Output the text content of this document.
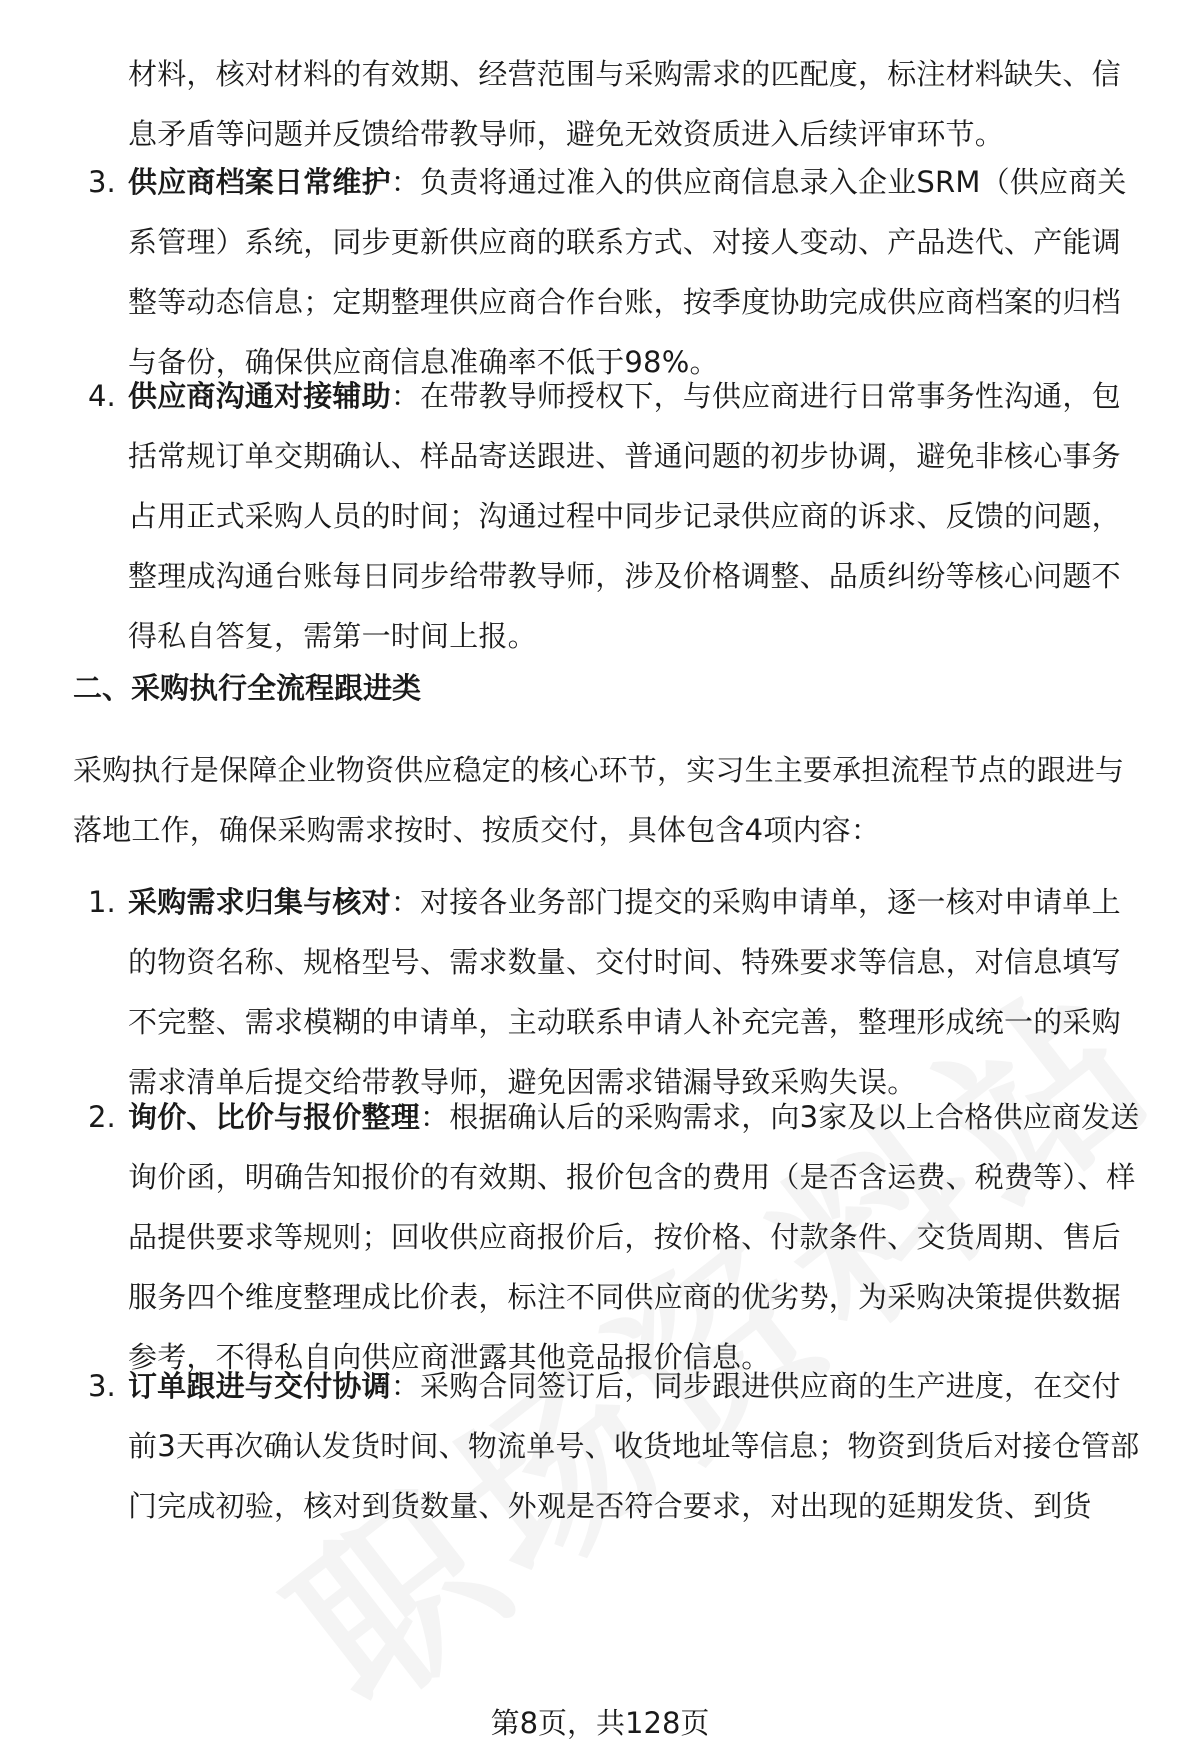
材料，核对材料的有效期、经营范围与采购需求的匹配度，标注材料缺失、信息矛盾等问题并反馈给带教导师，避免无效资质进入后续评审环节。
3. 供应商档案日常维护：负责将通过准入的供应商信息录入企业SRM（供应商关系管理）系统，同步更新供应商的联系方式、对接人变动、产品迭代、产能调整等动态信息；定期整理供应商合作台账，按季度协助完成供应商档案的归档与备份，确保供应商信息准确率不低于98%。
4. 供应商沟通对接辅助：在带教导师授权下，与供应商进行日常事务性沟通，包括常规订单交期确认、样品寄送跟进、普通问题的初步协调，避免非核心事务占用正式采购人员的时间；沟通过程中同步记录供应商的诉求、反馈的问题，整理成沟通台账每日同步给带教导师，涉及价格调整、品质纠纷等核心问题不得私自答复，需第一时间上报。
二、采购执行全流程跟进类
采购执行是保障企业物资供应稳定的核心环节，实习生主要承担流程节点的跟进与落地工作，确保采购需求按时、按质交付，具体包含4项内容：
1. 采购需求归集与核对：对接各业务部门提交的采购申请单，逐一核对申请单上的物资名称、规格型号、需求数量、交付时间、特殊要求等信息，对信息填写不完整、需求模糊的申请单，主动联系申请人补充完善，整理形成统一的采购需求清单后提交给带教导师，避免因需求错漏导致采购失误。
2. 询价、比价与报价整理：根据确认后的采购需求，向3家及以上合格供应商发送询价函，明确告知报价的有效期、报价包含的费用（是否含运费、税费等）、样品提供要求等规则；回收供应商报价后，按价格、付款条件、交货周期、售后服务四个维度整理成比价表，标注不同供应商的优劣势，为采购决策提供数据参考，不得私自向供应商泄露其他竞品报价信息。
3. 订单跟进与交付协调：采购合同签订后，同步跟进供应商的生产进度，在交付前3天再次确认发货时间、物流单号、收货地址等信息；物资到货后对接仓管部门完成初验，核对到货数量、外观是否符合要求，对出现的延期发货、到货
第8页，共128页
